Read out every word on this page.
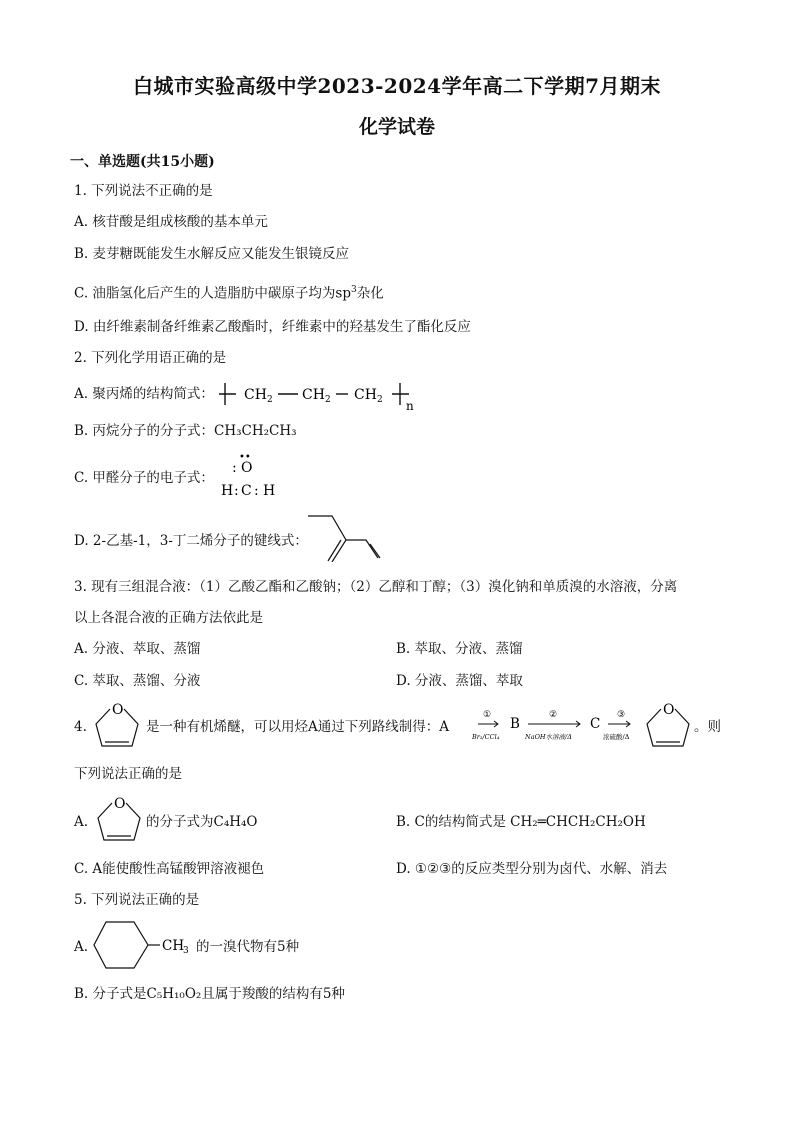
白城市实验高级中学2023-2024学年高二下学期7月期末
化学试卷
一、单选题(共15小题)
1. 下列说法不正确的是
A. 核苷酸是组成核酸的基本单元
B. 麦芽糖既能发生水解反应又能发生银镜反应
C. 油脂氢化后产生的人造脂肪中碳原子均为$sp^3$杂化
D. 由纤维素制备纤维素乙酸酯时，纤维素中的羟基发生了酯化反应
2. 下列化学用语正确的是
A. 聚丙烯的结构简式： CH 2 CH 2 CH 2 n
B. 丙烷分子的分子式：CH₃CH₂CH₃
C. 甲醛分子的电子式：
••
: O
H : C : H
D. 2-乙基-1，3-丁二烯分子的键线式：
3. 现有三组混合液：（1）乙酸乙酯和乙酸钠；（2）乙醇和丁醇；（3）溴化钠和单质溴的水溶液，分离
以上各混合液的正确方法依此是
A. 分液、萃取、蒸馏	B. 萃取、分液、蒸馏
C. 萃取、蒸馏、分液	D. 分液、蒸馏、萃取
4.
O
是一种有机烯醚，可以用烃A通过下列路线制得：A
①
Br₂/CCl₄
B
②
NaOH水溶液/Δ
C
③
浓硫酸/Δ
O
。则
下列说法正确的是
A.
O
的分子式为C₄H₄O	B. C的结构简式是 CH₂═CHCH₂CH₂OH
C. A能使酸性高锰酸钾溶液褪色	D. ①②③的反应类型分别为卤代、水解、消去
5. 下列说法正确的是
A.	CH
3 的一溴代物有5种
B. 分子式是C₅H₁₀O₂且属于羧酸的结构有5种
